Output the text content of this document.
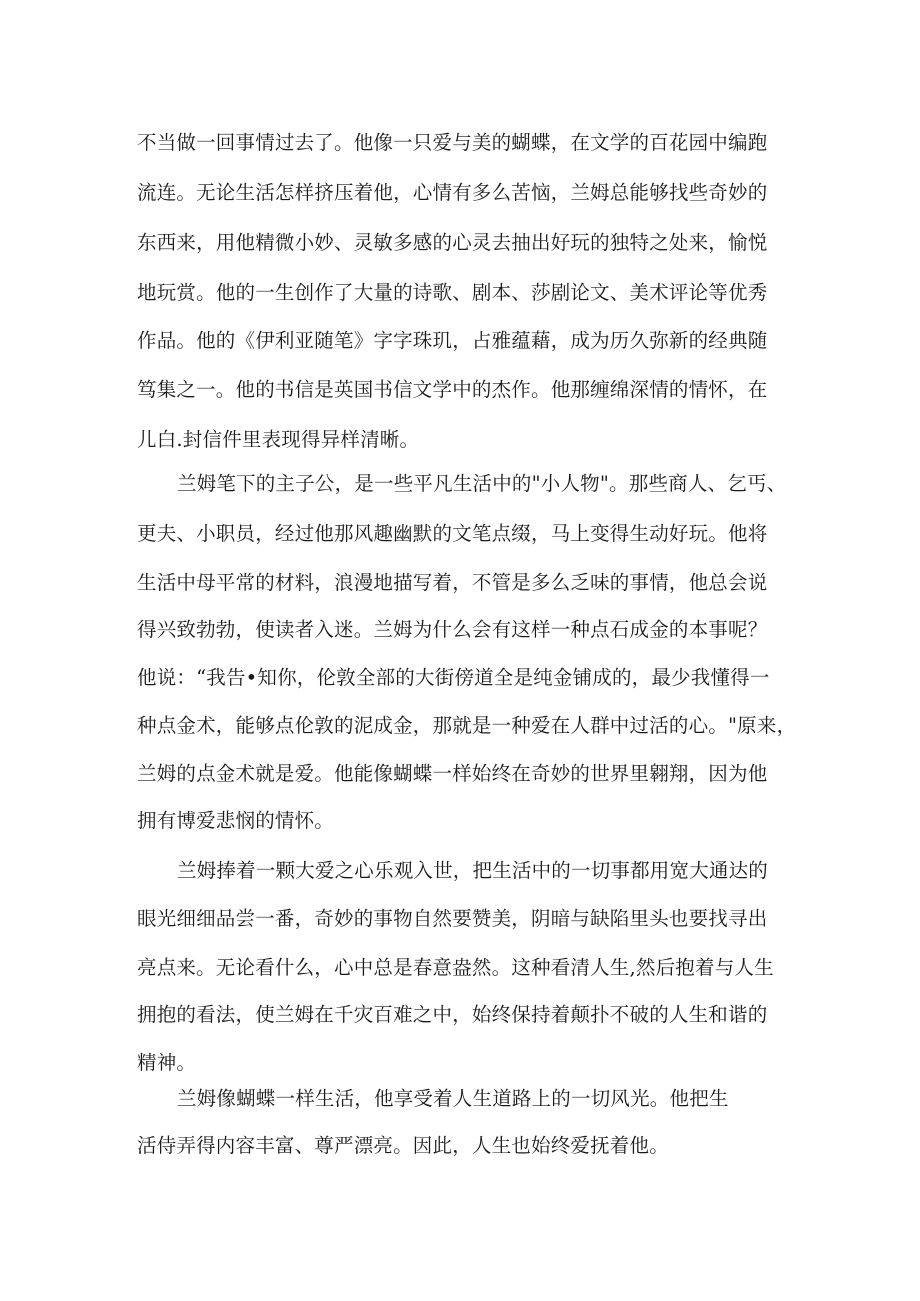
不当做一回事情过去了。他像一只爱与美的蝴蝶，在文学的百花园中编跑
流连。无论生活怎样挤压着他，心情有多么苦恼，兰姆总能够找些奇妙的
东西来，用他精微小妙、灵敏多感的心灵去抽出好玩的独特之处来，愉悦
地玩赏。他的一生创作了大量的诗歌、剧本、莎剧论文、美术评论等优秀
作品。他的《伊利亚随笔》字字珠玑，占雅蕴藉，成为历久弥新的经典随
笃集之一。他的书信是英国书信文学中的杰作。他那缠绵深情的情怀，在
儿白.封信件里表现得异样清晰。
兰姆笔下的主子公，是一些平凡生活中的"小人物"。那些商人、乞丐、
更夫、小职员，经过他那风趣幽默的文笔点缀，马上变得生动好玩。他将
生活中母平常的材料，浪漫地描写着，不管是多么乏味的事情，他总会说
得兴致勃勃，使读者入迷。兰姆为什么会有这样一种点石成金的本事呢？
他说：“我告•知你，伦敦全部的大街傍道全是纯金铺成的，最少我懂得一
种点金术，能够点伦敦的泥成金，那就是一种爱在人群中过活的心。"原来，
兰姆的点金术就是爱。他能像蝴蝶一样始终在奇妙的世界里翱翔，因为他
拥有博爱悲悯的情怀。
兰姆捧着一颗大爱之心乐观入世，把生活中的一切事都用宽大通达的
眼光细细品尝一番，奇妙的事物自然要赞美，阴暗与缺陷里头也要找寻出
亮点来。无论看什么，心中总是春意盎然。这种看清人生,然后抱着与人生
拥抱的看法，使兰姆在千灾百难之中，始终保持着颠扑不破的人生和谐的
精神。
兰姆像蝴蝶一样生活，他享受着人生道路上的一切风光。他把生
活侍弄得内容丰富、尊严漂亮。因此，人生也始终爱抚着他。
